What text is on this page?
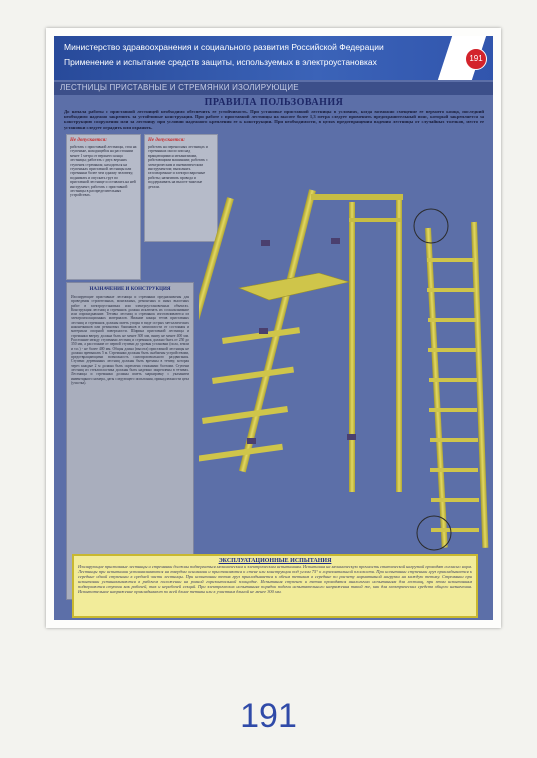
Министерство здравоохранения и социального развития Российской Федерации
Применение и испытание средств защиты, используемых в электроустановках	191
ЛЕСТНИЦЫ ПРИСТАВНЫЕ И СТРЕМЯНКИ ИЗОЛИРУЮЩИЕ
ПРАВИЛА ПОЛЬЗОВАНИЯ

До начала работы с приставной лестницей необходимо обеспечить ее устойчивость. При установке приставной лестницы в условиях, когда возможно смещение ее верхнего конца, последний необходимо надежно закрепить за устойчивые конструкции. При работе с приставной лестницы на высоте более 1,3 метра следует применять предохранительный пояс, который закрепляется за конструкцию сооружения или за лестницу при условии надежного крепления ее к конструкции. При необходимости, в целях предотвращения падения лестницы от случайных толчков, место ее установки следует оградить или охранять.

Не допускается:

работать с приставной лестницы, стоя на ступеньке, находящейся на расстоянии менее 1 метра от верхнего конца лестницы; работать с двух верхних ступенек стремянок; находиться на ступеньках приставной лестницы или стремянки более чем одному человеку; поднимать и опускать груз по приставной лестнице и оставлять на ней инструмент; работать с приставной лестницы в распределительных устройствах.

Не допускается:

работать на переносных лестницах и стремянках около или над вращающимися механизмами, работающими машинами; работать с электрическим и пневматическим инструментом; выполнять газосварочные и электросварочные работы; натягивать провода и поддерживать на высоте тяжелые детали.

НАЗНАЧЕНИЕ И КОНСТРУКЦИЯ

Изолирующие приставные лестницы и стремянки предназначены для проведения строительных, монтажных, ремонтных и иных высотных работ в электроустановках или электроустановочных объектах. Конструкция лестниц и стремянок должна исключать их соскальзывание или опрокидывание. Тетивы лестниц и стремянок изготавливаются из электроизоляционных материалов. Нижние концы тетив приставных лестниц и стремянок должны иметь упоры в виде острых металлических наконечников или резиновых башмаков в зависимости от состояния и материала опорной поверхности. Ширина приставной лестницы и стремянки вверху должна быть не менее 300 мм, внизу не менее 400 мм. Расстояние между ступенями лестниц и стремянок должно быть от 250 до 350 мм, а расстояние от первой ступени до уровня установки (пола, земли и т.п.) - не более 400 мм. Общая длина (высота) приставной лестницы не должна превышать 5 м. Стремянки должны быть снабжены устройствами, предотвращающими возможность самопроизвольного раздвигания. Ступени деревянных лестниц должны быть врезаны в тетиву, которая через каждые 2 м должна быть скреплена стяжными болтами. Ступени лестниц из стеклопластика должны быть надежно закреплены в тетивах. Лестницы и стремянки должны иметь маркировку с указанием инвентарного номера, даты следующего испытания, принадлежности цеха (участка).

ЭКСПЛУАТАЦИОННЫЕ ИСПЫТАНИЯ

Изолирующие приставные лестницы и стремянки должны подвергаться механическим и электрическим испытаниям. Испытания на механическую прочность статической нагрузкой проводят согласно норм. Лестницы при испытании устанавливаются на твердом основании и приставляются к стене или конструкции под углом 75° к горизонтальной плоскости. При испытании ступеньки груз прикладывается к середине одной ступеньки в средней части лестницы. При испытании тетив груз прикладывается к обеим тетивам в середине по расчету нормативной нагрузки на каждую тетиву. Стремянки при испытании устанавливаются в рабочем положении на ровной горизонтальной площадке. Испытания ступенек и тетив проводятся аналогично испытаниям для лестниц, при этом испытаниям подвергаются ступени как рабочей, так и нерабочей секций. При электрических испытаниях порядок подачи испытательного напряжения такой же, как для электрических средств общего назначения. Испытательное напряжение прикладывают по всей длине тетивы или к участкам длиной не менее 300 мм.

191
